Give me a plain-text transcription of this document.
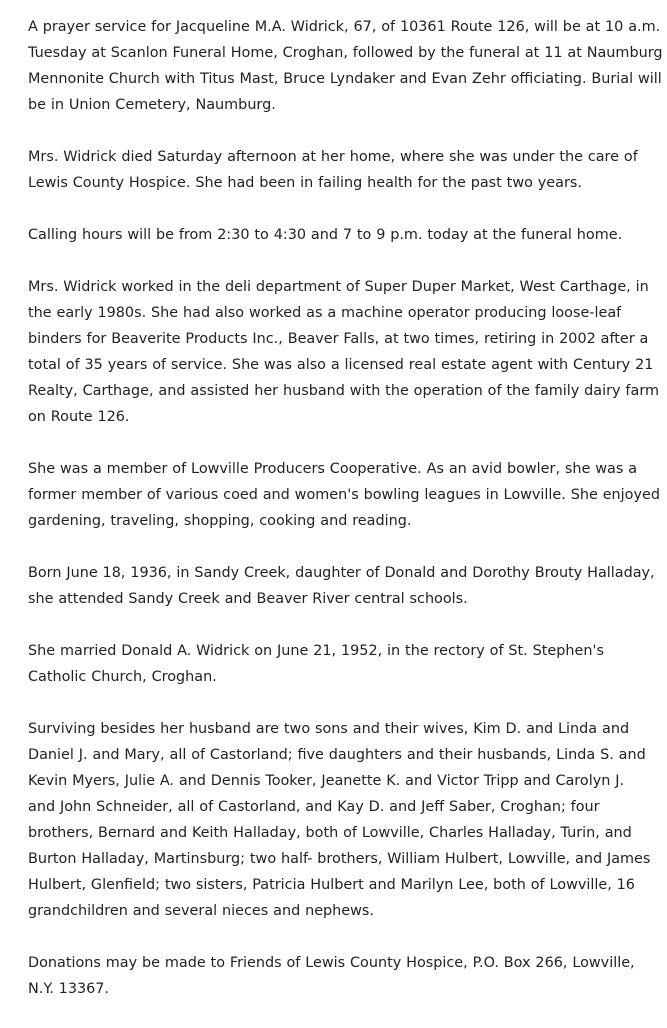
A prayer service for Jacqueline M.A. Widrick, 67, of 10361 Route 126, will be at 10 a.m.
Tuesday at Scanlon Funeral Home, Croghan, followed by the funeral at 11 at Naumburg
Mennonite Church with Titus Mast, Bruce Lyndaker and Evan Zehr officiating. Burial will
be in Union Cemetery, Naumburg.

Mrs. Widrick died Saturday afternoon at her home, where she was under the care of
Lewis County Hospice. She had been in failing health for the past two years.

Calling hours will be from 2:30 to 4:30 and 7 to 9 p.m. today at the funeral home.

Mrs. Widrick worked in the deli department of Super Duper Market, West Carthage, in
the early 1980s. She had also worked as a machine operator producing loose-leaf
binders for Beaverite Products Inc., Beaver Falls, at two times, retiring in 2002 after a
total of 35 years of service. She was also a licensed real estate agent with Century 21
Realty, Carthage, and assisted her husband with the operation of the family dairy farm
on Route 126.

She was a member of Lowville Producers Cooperative. As an avid bowler, she was a
former member of various coed and women's bowling leagues in Lowville. She enjoyed
gardening, traveling, shopping, cooking and reading.

Born June 18, 1936, in Sandy Creek, daughter of Donald and Dorothy Brouty Halladay,
she attended Sandy Creek and Beaver River central schools.

She married Donald A. Widrick on June 21, 1952, in the rectory of St. Stephen's
Catholic Church, Croghan.

Surviving besides her husband are two sons and their wives, Kim D. and Linda and
Daniel J. and Mary, all of Castorland; five daughters and their husbands, Linda S. and
Kevin Myers, Julie A. and Dennis Tooker, Jeanette K. and Victor Tripp and Carolyn J.
and John Schneider, all of Castorland, and Kay D. and Jeff Saber, Croghan; four
brothers, Bernard and Keith Halladay, both of Lowville, Charles Halladay, Turin, and
Burton Halladay, Martinsburg; two half- brothers, William Hulbert, Lowville, and James
Hulbert, Glenfield; two sisters, Patricia Hulbert and Marilyn Lee, both of Lowville, 16
grandchildren and several nieces and nephews.

Donations may be made to Friends of Lewis County Hospice, P.O. Box 266, Lowville,
N.Y. 13367.
